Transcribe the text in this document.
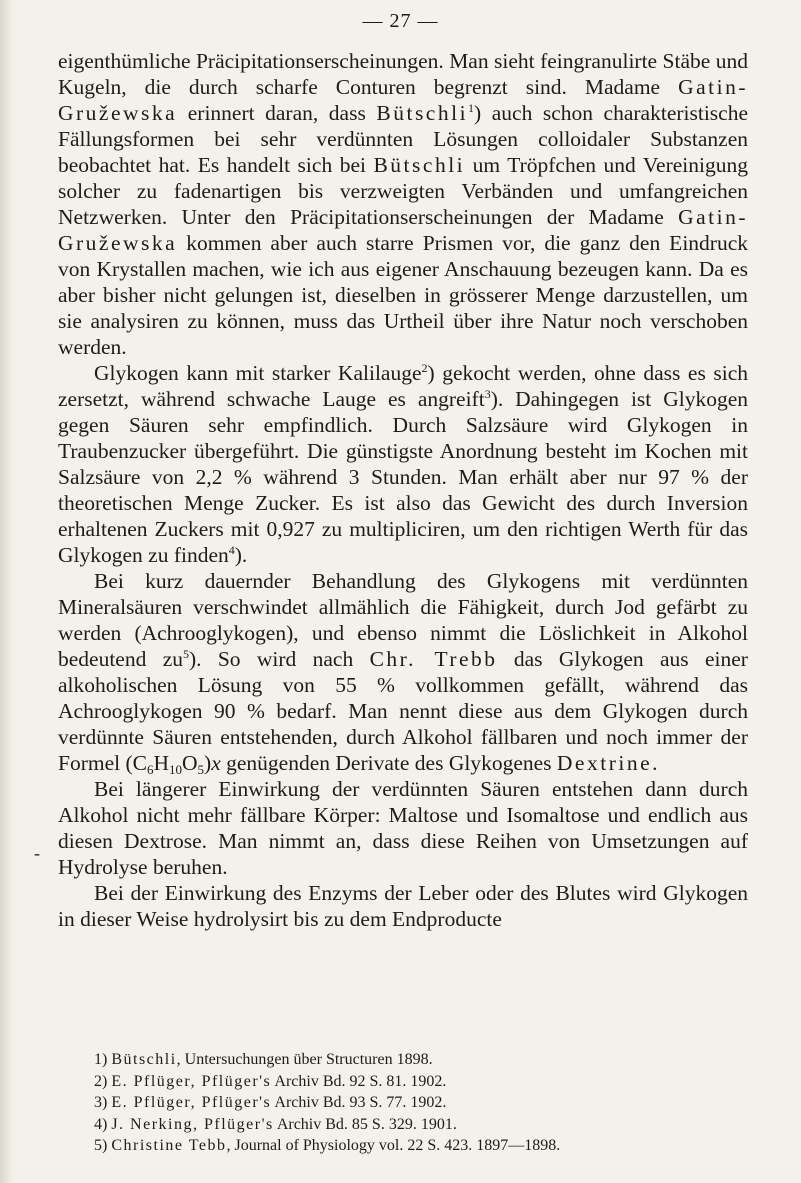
— 27 —
-

eigenthümliche Präcipitationserscheinungen. Man sieht feingranulirte Stäbe und Kugeln, die durch scharfe Conturen begrenzt sind. Madame Gatin-Gružewska erinnert daran, dass Bütschli$^1$) auch schon charakteristische Fällungsformen bei sehr verdünnten Lösungen colloidaler Substanzen beobachtet hat. Es handelt sich bei Bütschli um Tröpfchen und Vereinigung solcher zu fadenartigen bis verzweigten Verbänden und umfangreichen Netzwerken. Unter den Präcipitationserscheinungen der Madame Gatin-Gružewska kommen aber auch starre Prismen vor, die ganz den Eindruck von Krystallen machen, wie ich aus eigener Anschauung bezeugen kann. Da es aber bisher nicht gelungen ist, dieselben in grösserer Menge darzustellen, um sie analysiren zu können, muss das Urtheil über ihre Natur noch verschoben werden.

Glykogen kann mit starker Kalilauge$^2$) gekocht werden, ohne dass es sich zersetzt, während schwache Lauge es angreift$^3$). Dahingegen ist Glykogen gegen Säuren sehr empfindlich. Durch Salzsäure wird Glykogen in Traubenzucker übergeführt. Die günstigste Anordnung besteht im Kochen mit Salzsäure von 2,2 % während 3 Stunden. Man erhält aber nur 97 % der theoretischen Menge Zucker. Es ist also das Gewicht des durch Inversion erhaltenen Zuckers mit 0,927 zu multipliciren, um den richtigen Werth für das Glykogen zu finden$^4$).

Bei kurz dauernder Behandlung des Glykogens mit verdünnten Mineralsäuren verschwindet allmählich die Fähigkeit, durch Jod gefärbt zu werden (Achrooglykogen), und ebenso nimmt die Löslichkeit in Alkohol bedeutend $zu^5$). So wird nach Chr. Trebb das Glykogen aus einer alkoholischen Lösung von 55 % vollkommen gefällt, während das Achrooglykogen 90 % bedarf. Man nennt diese aus dem Glykogen durch verdünnte Säuren entstehenden, durch Alkohol fällbaren und noch immer der Formel $(C_6H_{10}O_5)x$ genügenden Derivate des Glykogenes Dextrine.

Bei längerer Einwirkung der verdünnten Säuren entstehen dann durch Alkohol nicht mehr fällbare Körper: Maltose und Isomaltose und endlich aus diesen Dextrose. Man nimmt an, dass diese Reihen von Umsetzungen auf Hydrolyse beruhen.

Bei der Einwirkung des Enzyms der Leber oder des Blutes wird Glykogen in dieser Weise hydrolysirt bis zu dem Endproducte

1) Bütschli, Untersuchungen über Structuren 1898.
2) E. Pflüger, Pflüger's Archiv Bd. 92 S. 81. 1902.
3) E. Pflüger, Pflüger's Archiv Bd. 93 S. 77. 1902.
4) J. Nerking, Pflüger's Archiv Bd. 85 S. 329. 1901.
5) Christine Tebb, Journal of Physiology vol. 22 S. 423. 1897—1898.
